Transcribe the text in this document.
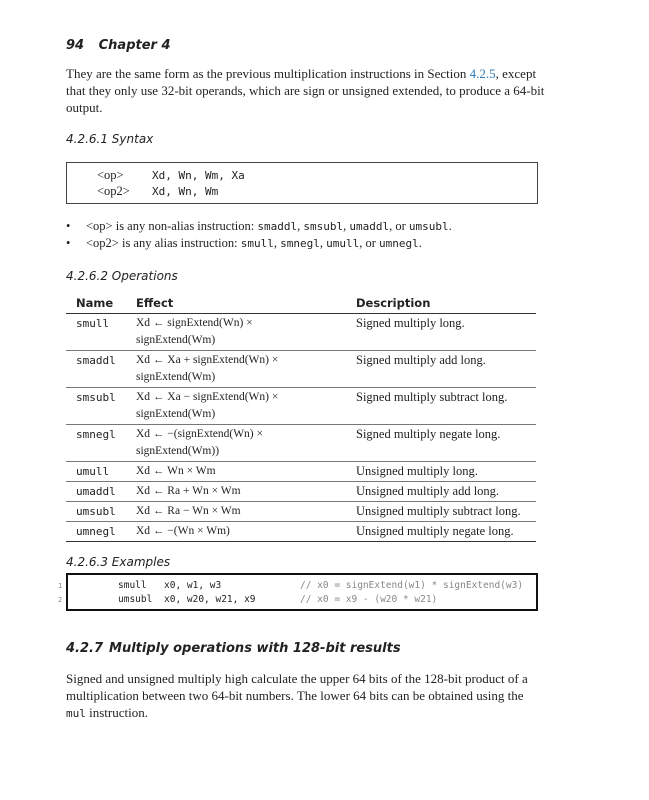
94 Chapter 4
They are the same form as the previous multiplication instructions in Section 4.2.5, except that they only use 32-bit operands, which are sign or unsigned extended, to produce a 64-bit output.
4.2.6.1 Syntax
<op>	Xd, Wn, Wm, Xa
<op2> Xd, Wn, Wm
• <op> is any non-alias instruction: smaddl, smsubl, umaddl, or umsubl.
• <op2> is any alias instruction: smull, smnegl, umull, or umnegl.
4.2.6.2 Operations
Name	Effect	Description
smull	Xd ← signExtend(Wn) ×
signExtend(Wm)	Signed multiply long.
smaddl	Xd ← Xa + signExtend(Wn) ×
signExtend(Wm)	Signed multiply add long.
smsubl	Xd ← Xa − signExtend(Wn) ×
signExtend(Wm)	Signed multiply subtract long.
smnegl	Xd ← −(signExtend(Wn) ×
signExtend(Wm))	Signed multiply negate long.
umull	Xd ← Wn × Wm	Unsigned multiply long.
umaddl	Xd ← Ra + Wn × Wm	Unsigned multiply add long.
umsubl	Xd ← Ra − Wn × Wm	Unsigned multiply subtract long.
umnegl	Xd ← −(Wn × Wm)	Unsigned multiply negate long.
4.2.6.3 Examples
1
2
smull x0, w1, w3	// x0 = signExtend(w1) * signExtend(w3)
umsubl x0, w20, w21, x9	// x0 = x9 - (w20 * w21)
4.2.7 Multiply operations with 128-bit results
Signed and unsigned multiply high calculate the upper 64 bits of the 128-bit product of a multiplication between two 64-bit numbers. The lower 64 bits can be obtained using the mul instruction.
